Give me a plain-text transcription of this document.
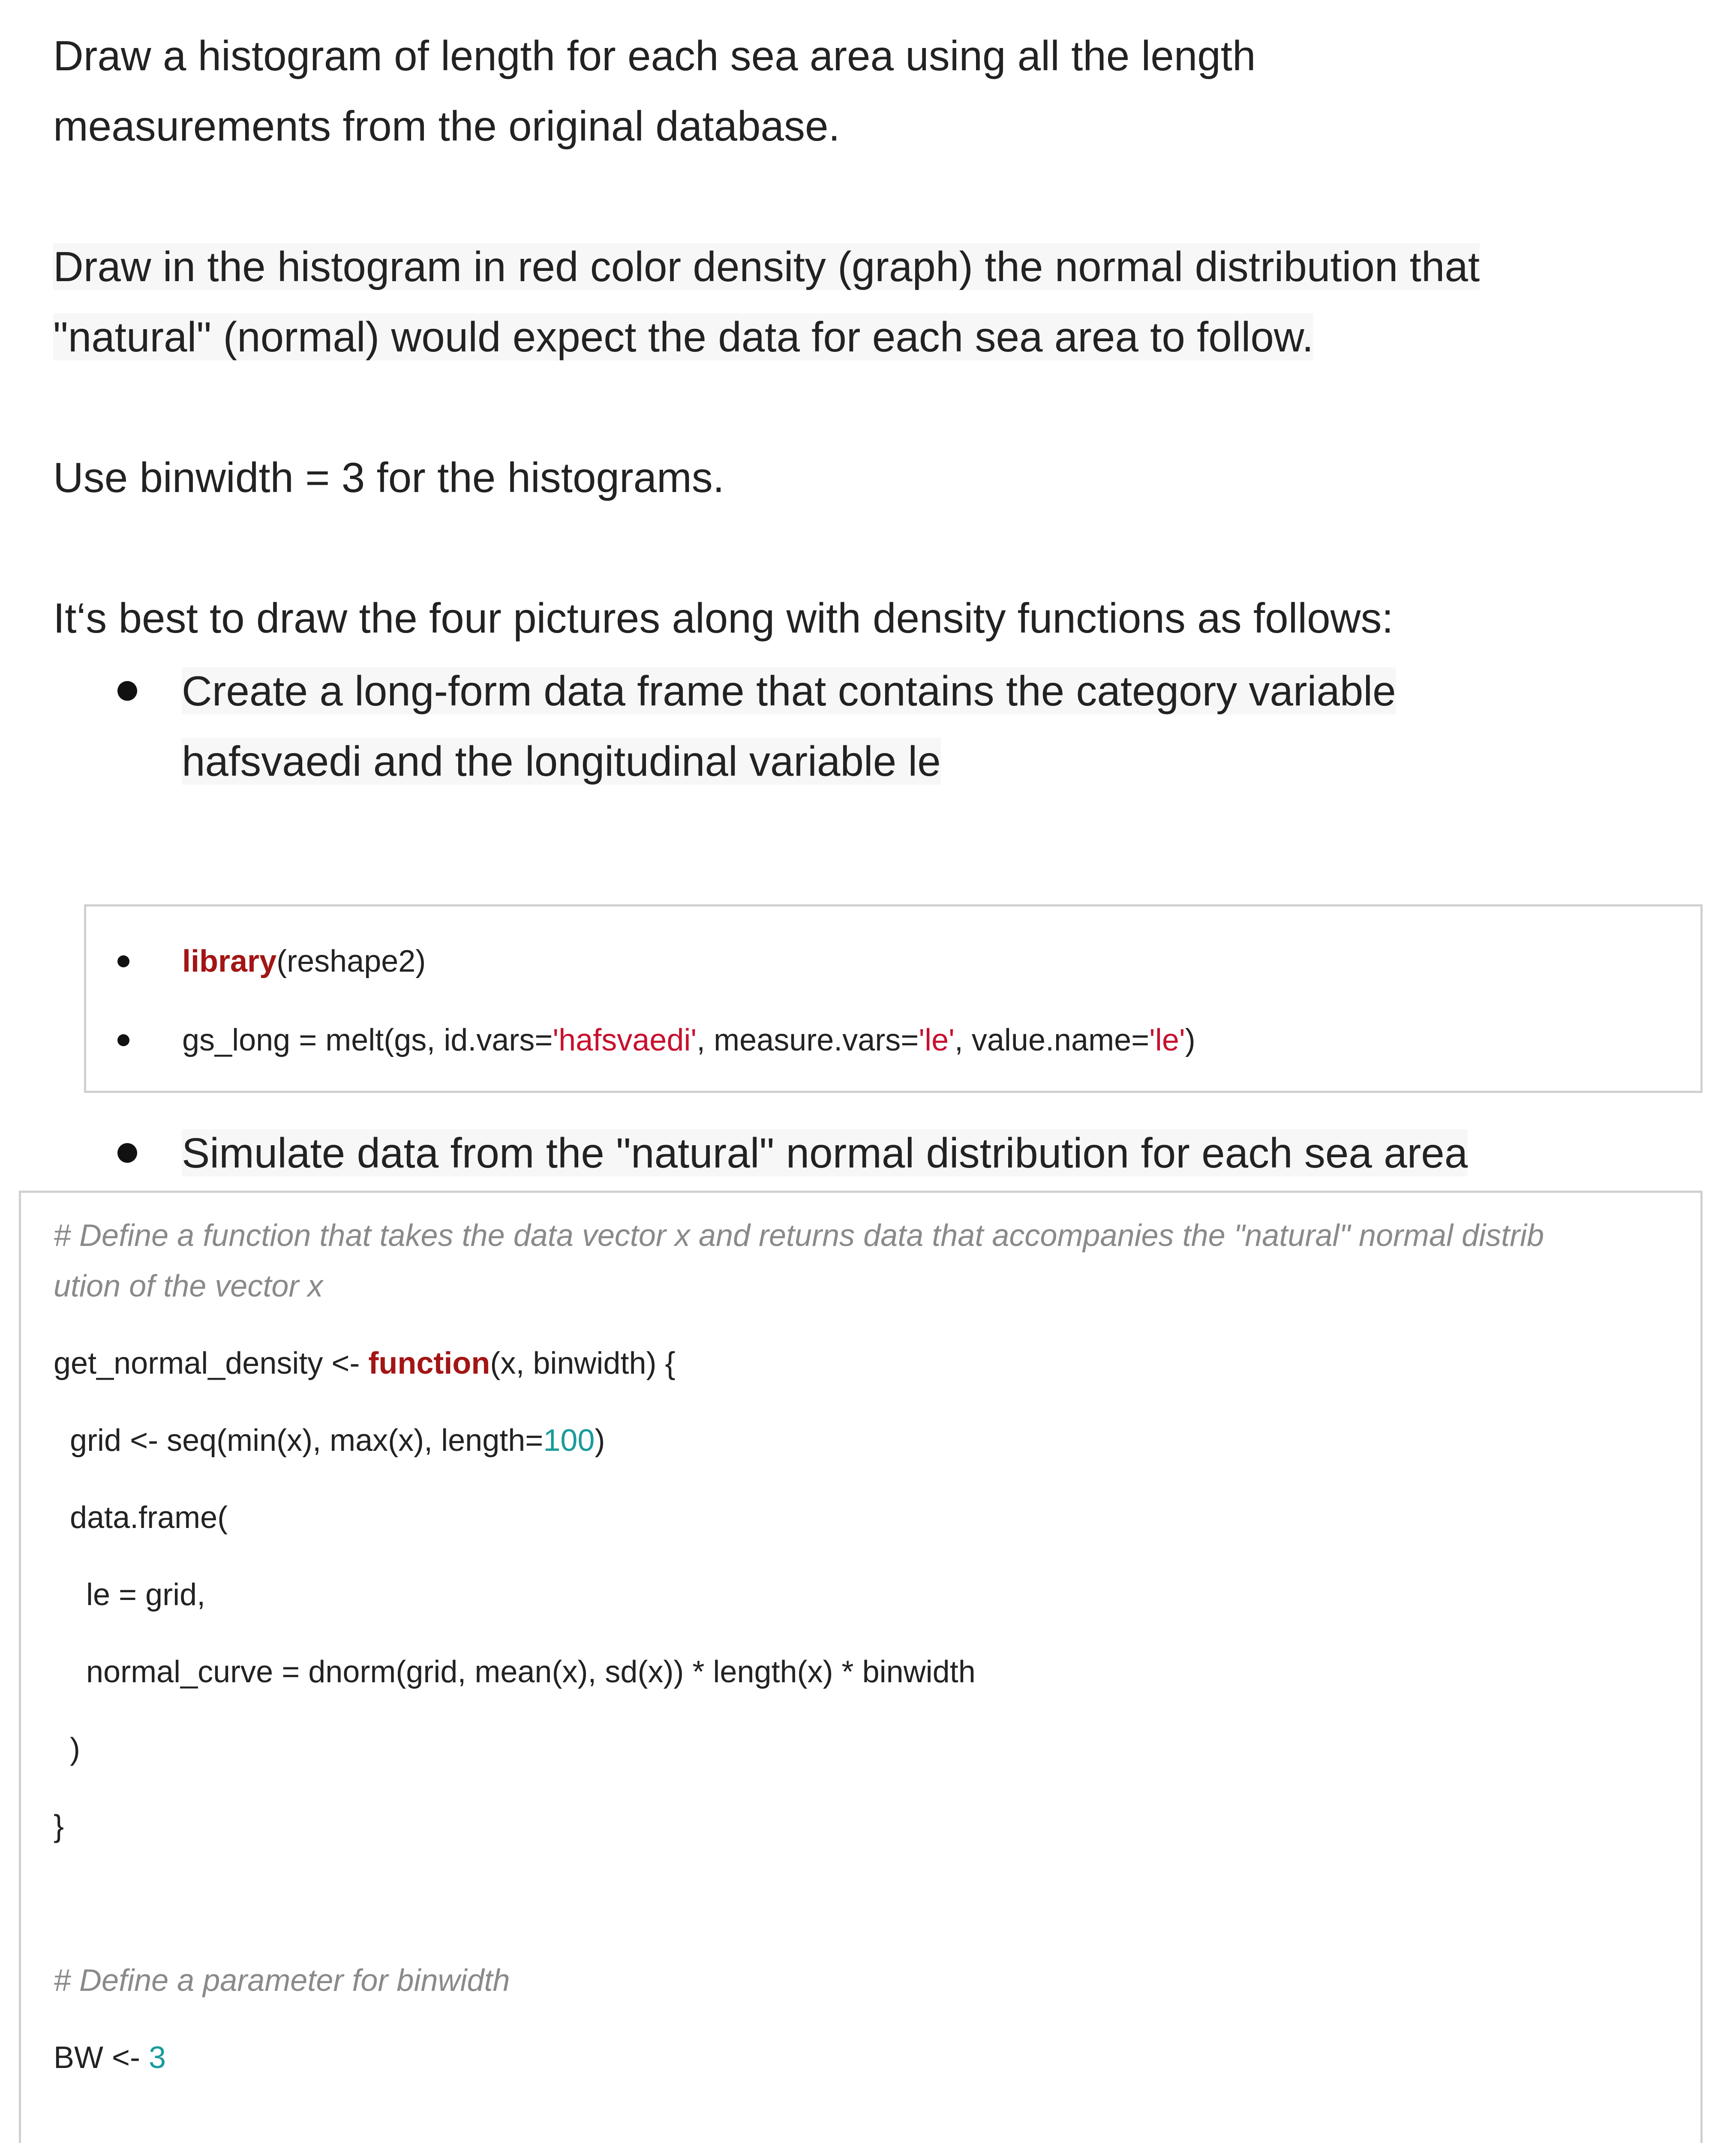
Draw a histogram of length for each sea area using all the length

measurements from the original database.

Draw in the histogram in red color density (graph) the normal distribution that

"natural" (normal) would expect the data for each sea area to follow.

Use binwidth = 3 for the histograms.

It‘s best to draw the four pictures along with density functions as follows:

Create a long-form data frame that contains the category variable

hafsvaedi and the longitudinal variable le

library(reshape2)

gs_long = melt(gs, id.vars='hafsvaedi', measure.vars='le', value.name='le')

Simulate data from the "natural" normal distribution for each sea area

# Define a function that takes the data vector x and returns data that accompanies the "natural" normal distrib

ution of the vector x

get_normal_density <- function(x, binwidth) {

grid <- seq(min(x), max(x), length=100)

data.frame(

le = grid,

normal_curve = dnorm(grid, mean(x), sd(x)) * length(x) * binwidth

)

}

# Define a parameter for binwidth

BW <- 3
